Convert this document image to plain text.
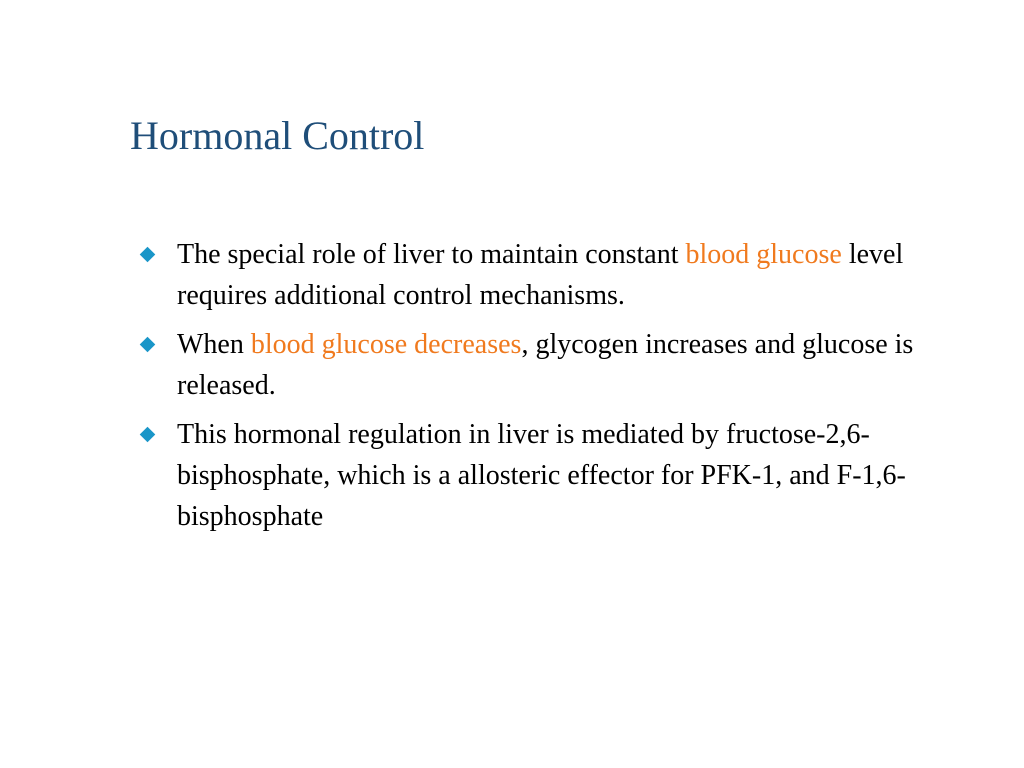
Hormonal Control
The special role of liver to maintain constant blood glucose level requires additional control mechanisms.
When blood glucose decreases, glycogen increases and glucose is released.
This hormonal regulation in liver is mediated by fructose-2,6-bisphosphate, which is a allosteric effector for PFK-1, and F-1,6-bisphosphate
